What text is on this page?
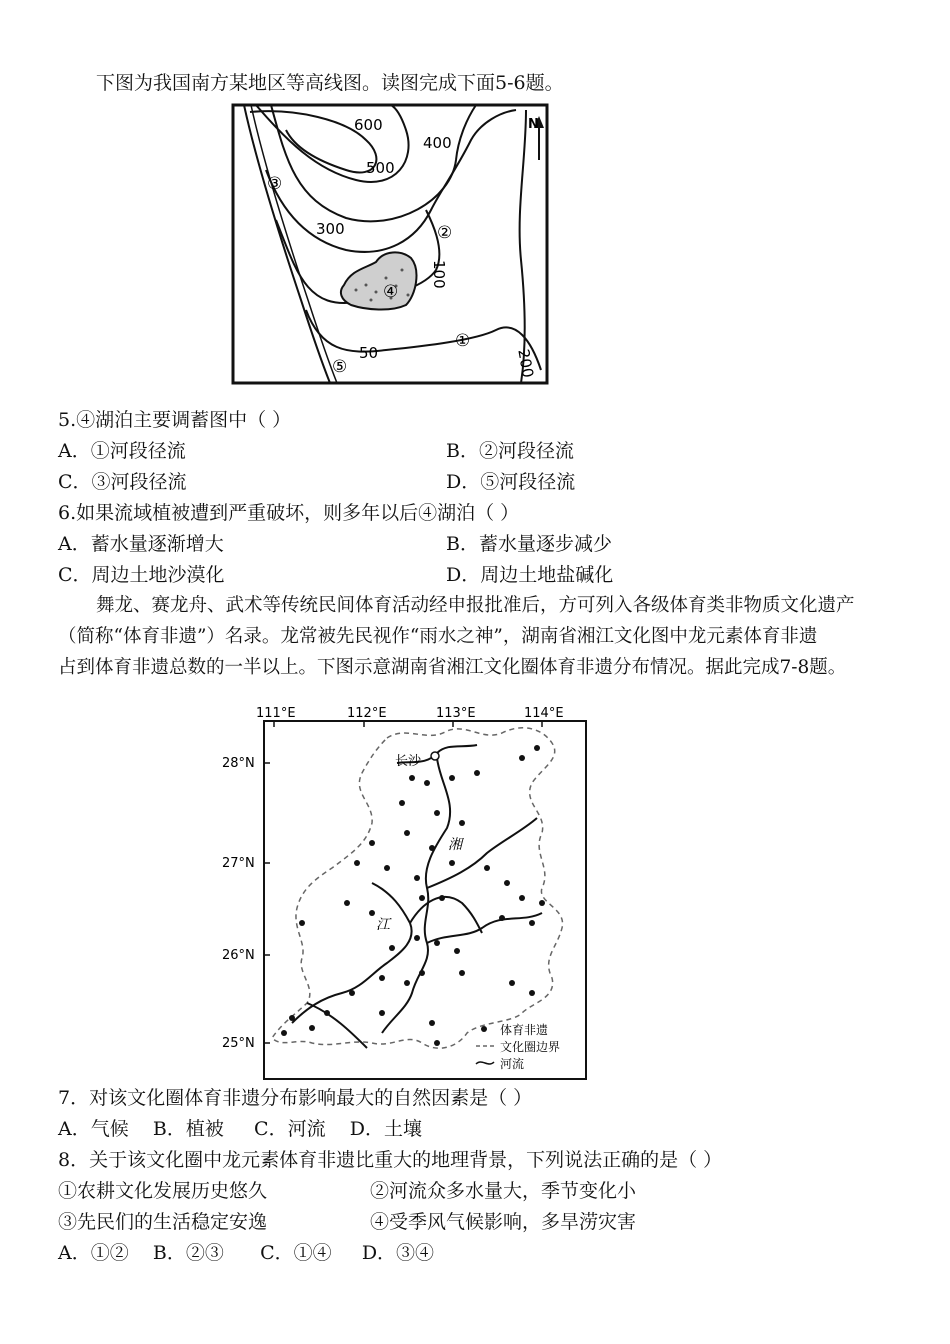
下图为我国南方某地区等高线图。读图完成下面5-6题。
N
600
500
400
300
100
50	200
①
②
③
④
⑤
5.④湖泊主要调蓄图中（ ）
A．①河段径流	B．②河段径流
C．③河段径流	D．⑤河段径流
6.如果流域植被遭到严重破坏，则多年以后④湖泊（ ）
A．蓄水量逐渐增大	B．蓄水量逐步减少
C．周边土地沙漠化	D．周边土地盐碱化
舞龙、赛龙舟、武术等传统民间体育活动经申报批准后，方可列入各级体育类非物质文化遗产
（简称“体育非遗”）名录。龙常被先民视作“雨水之神”，湖南省湘江文化图中龙元素体育非遗
占到体育非遗总数的一半以上。下图示意湖南省湘江文化圈体育非遗分布情况。据此完成7-8题。
111°E	112°E	113°E	114°E
28°N
27°N
26°N
25°N
长沙
湘
江
体育非遗
文化圈边界
河流
7．对该文化圈体育非遗分布影响最大的自然因素是（ ）
A．气候    B．植被     C．河流    D．土壤
8．关于该文化圈中龙元素体育非遗比重大的地理背景，下列说法正确的是（ ）
①农耕文化发展历史悠久	②河流众多水量大，季节变化小
③先民们的生活稳定安逸	④受季风气候影响，多旱涝灾害
A．①②    B．②③      C．①④     D．③④
